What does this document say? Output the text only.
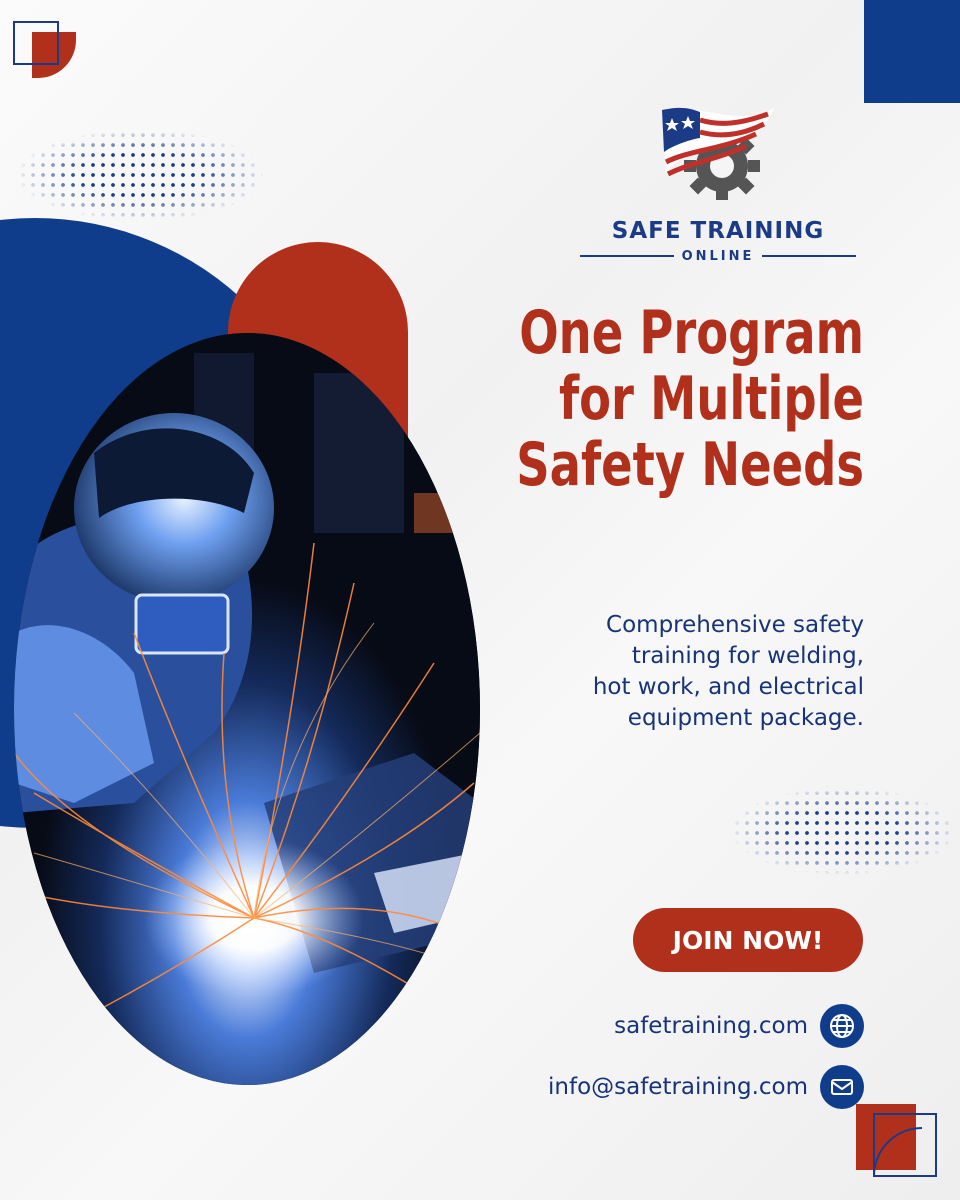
SAFE TRAINING
ONLINE
One Program
for Multiple
Safety Needs
Comprehensive safety
training for welding,
hot work, and electrical
equipment package.
JOIN NOW!
safetraining.com
info@safetraining.com
